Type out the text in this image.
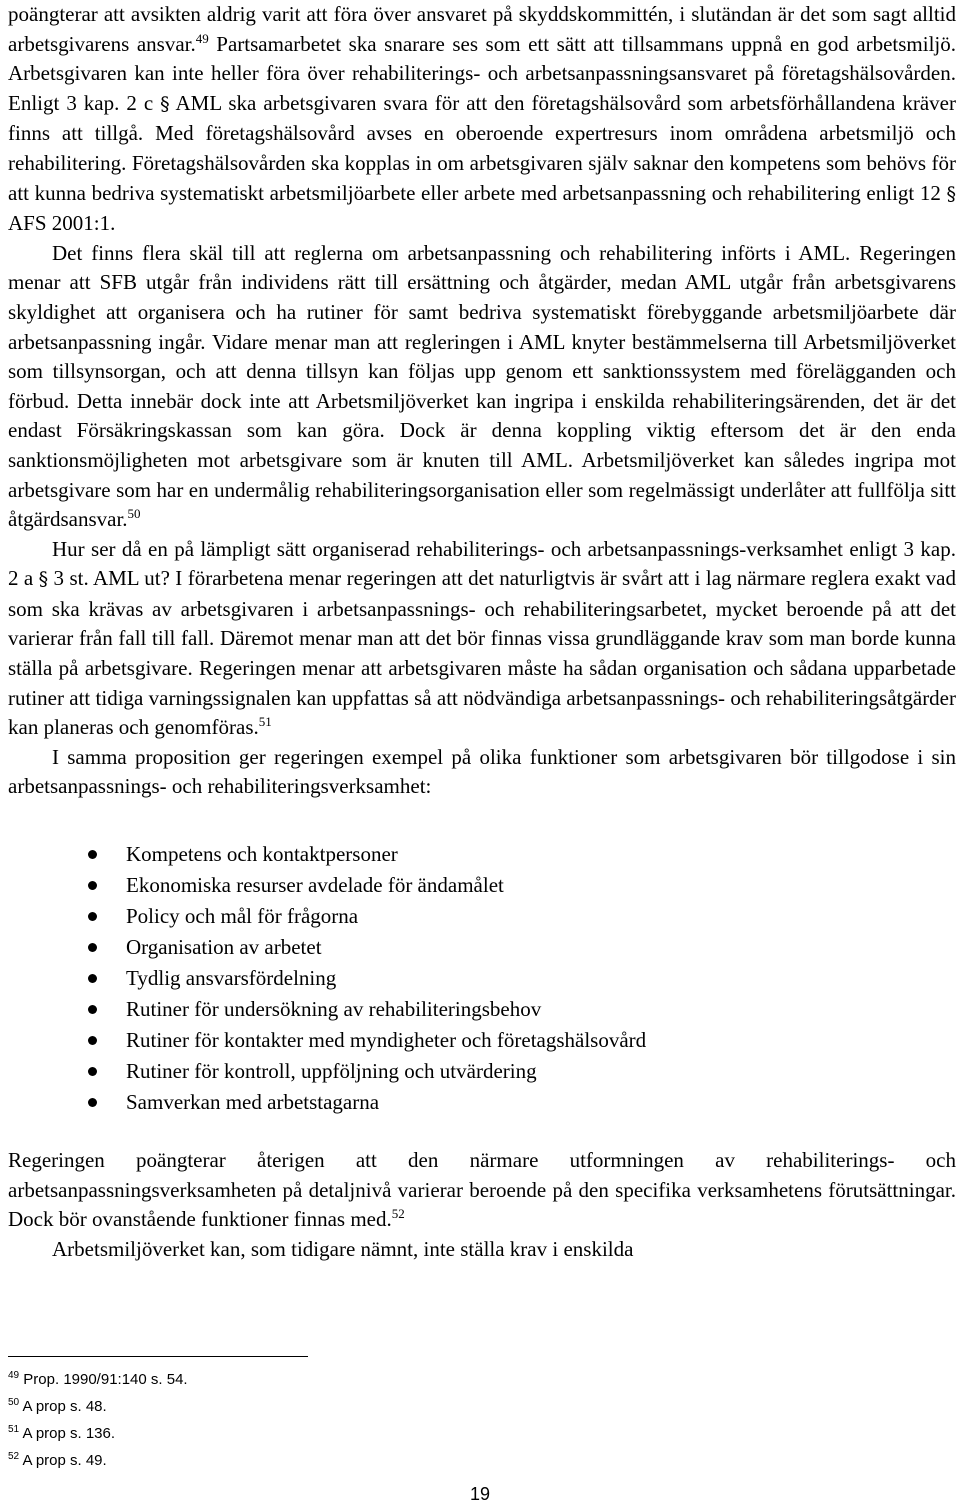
poängterar att avsikten aldrig varit att föra över ansvaret på skyddskommittén, i slutändan är det som sagt alltid arbetsgivarens ansvar.$^{49}$ Partsamarbetet ska snarare ses som ett sätt att tillsammans uppnå en god arbetsmiljö. Arbetsgivaren kan inte heller föra över rehabiliterings- och arbetsanpassningsansvaret på företagshälsovården. Enligt 3 kap. 2 c § AML ska arbetsgivaren svara för att den företagshälsovård som arbetsförhållandena kräver finns att tillgå. Med företagshälsovård avses en oberoende expertresurs inom områdena arbetsmiljö och rehabilitering. Företagshälsovården ska kopplas in om arbetsgivaren själv saknar den kompetens som behövs för att kunna bedriva systematiskt arbetsmiljöarbete eller arbete med arbetsanpassning och rehabilitering enligt 12 § AFS 2001:1.

Det finns flera skäl till att reglerna om arbetsanpassning och rehabilitering införts i AML. Regeringen menar att SFB utgår från individens rätt till ersättning och åtgärder, medan AML utgår från arbetsgivarens skyldighet att organisera och ha rutiner för samt bedriva systematiskt förebyggande arbetsmiljöarbete där arbetsanpassning ingår. Vidare menar man att regleringen i AML knyter bestämmelserna till Arbetsmiljöverket som tillsynsorgan, och att denna tillsyn kan följas upp genom ett sanktionssystem med förelägganden och förbud. Detta innebär dock inte att Arbetsmiljöverket kan ingripa i enskilda rehabiliteringsärenden, det är det endast Försäkringskassan som kan göra. Dock är denna koppling viktig eftersom det är den enda sanktionsmöjligheten mot arbetsgivare som är knuten till AML. Arbetsmiljöverket kan således ingripa mot arbetsgivare som har en undermålig rehabiliteringsorganisation eller som regelmässigt underlåter att fullfölja sitt åtgärdsansvar.$^{50}$

Hur ser då en på lämpligt sätt organiserad rehabiliterings- och arbetsanpassnings-verksamhet enligt 3 kap. 2 a § 3 st. AML ut? I förarbetena menar regeringen att det naturligtvis är svårt att i lag närmare reglera exakt vad som ska krävas av arbetsgivaren i arbetsanpassnings- och rehabiliteringsarbetet, mycket beroende på att det varierar från fall till fall. Däremot menar man att det bör finnas vissa grundläggande krav som man borde kunna ställa på arbetsgivare. Regeringen menar att arbetsgivaren måste ha sådan organisation och sådana upparbetade rutiner att tidiga varningssignalen kan uppfattas så att nödvändiga arbetsanpassnings- och rehabiliteringsåtgärder kan planeras och genomföras.$^{51}$

I samma proposition ger regeringen exempel på olika funktioner som arbetsgivaren bör tillgodose i sin arbetsanpassnings- och rehabiliteringsverksamhet:

Kompetens och kontaktpersoner
Ekonomiska resurser avdelade för ändamålet
Policy och mål för frågorna
Organisation av arbetet
Tydlig ansvarsfördelning
Rutiner för undersökning av rehabiliteringsbehov
Rutiner för kontakter med myndigheter och företagshälsovård
Rutiner för kontroll, uppföljning och utvärdering
Samverkan med arbetstagarna

Regeringen poängterar återigen att den närmare utformningen av rehabiliterings- och arbetsanpassningsverksamheten på detaljnivå varierar beroende på den specifika verksamhetens förutsättningar. Dock bör ovanstående funktioner finnas med.$^{52}$

Arbetsmiljöverket kan, som tidigare nämnt, inte ställa krav i enskilda

$^{49}$ Prop. 1990/91:140 s. 54.
$^{50}$ A prop s. 48.
$^{51}$ A prop s. 136.
$^{52}$ A prop s. 49.
19
